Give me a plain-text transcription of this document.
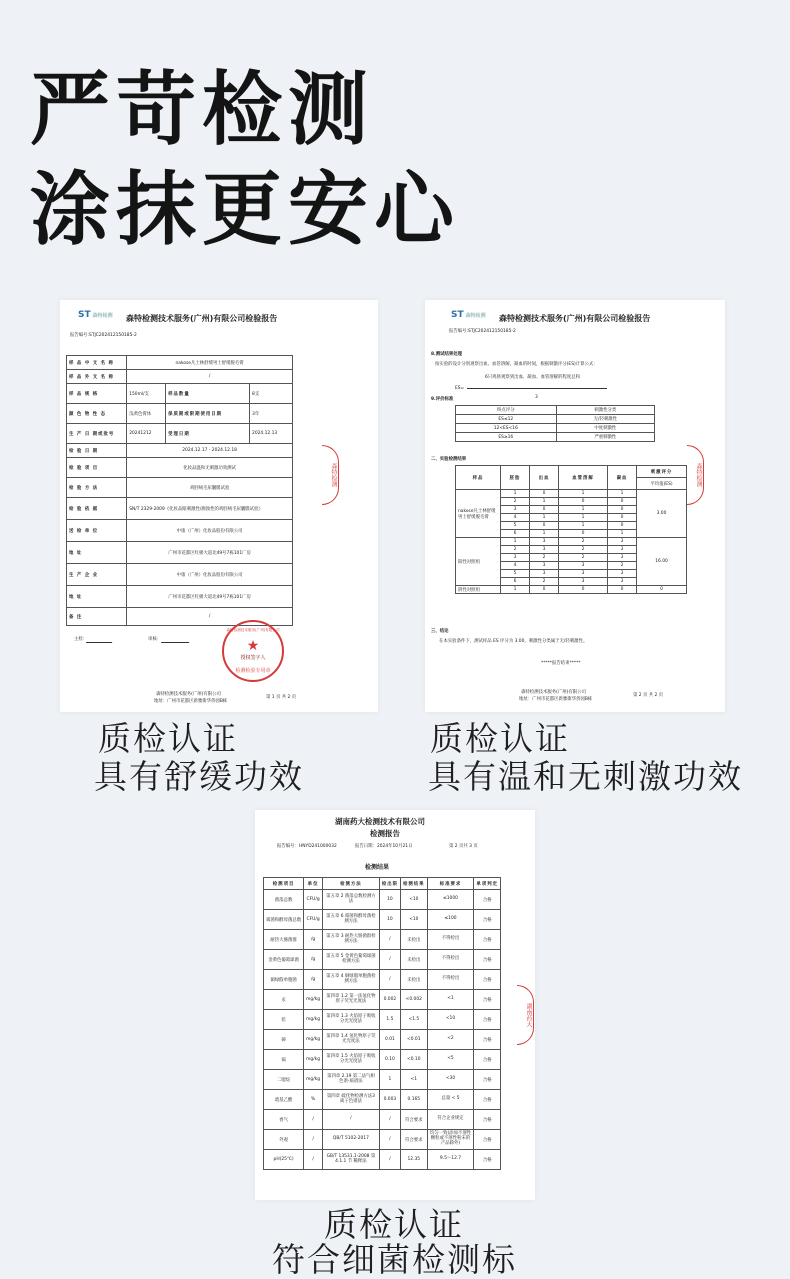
严苛检测
涂抹更安心
ST 森特检测 森特检测技术服务(广州)有限公司检验报告
报告编号:STJC202412150185-2
样 品 中 文 名 称	nakose凡士林舒缓男士舒缓脱毛膏		
样 品 外 文 名 称	/		
样 品 规 格	150ml/支	样品数量	8支
颜 色 物 性 态	浅黄色膏体	保质期或限期使用日期	3年
生 产 日 期或批号	20241212	受理日期	2024.12.13
检 验 日 期	2024.12.17 - 2024.12.18		
检 验 项 目	化妆品温和无刺激功效测试		
检 验 方 法	鸡胚绒毛尿囊膜试验		
检 验 依 据	SN/T 2329-2009《化妆品眼刺激性/腐蚀性的鸡胚绒毛尿囊膜试验》		
送 检 单 位	中康（广州）化妆品股份有限公司		
地 址	广州市花都区红棉大道北49号7栋101厂房		
生 产 企 业	中康（广州）化妆品股份有限公司		
地 址	广州市花都区红棉大道北49号7栋101厂房		
备 注	/		
主检：	审核：
森特检测技术服务(广州)有限公司
★
授权签字人
检测检验专用章
森特检测
森特检测技术服务(广州)有限公司
地址：广州市花都区新雅街华侨园B栋
第 1 页 共 2 页
ST 森特检测 森特检测技术服务(广州)有限公司检验报告
报告编号:STJC202412150185-2
8.测试结果处理
按实验的设计分别观察出血、血管溶解、凝血的时间，根据刺激评分(ES)计算公式：
6只鸡胚观察到出血、凝血、血管溶解的程度总和
ES=
9.评价标准	3
终点评分	刺激性分类
ES≤12	无/轻刺激性
12<ES<16	中度刺激性
ES≥16	严重刺激性
二、实验检测结果
样品	胚胎	出血	血管溶解	凝血	刺激评分
					平均值(ES)
nakose凡士林舒缓男士舒缓脱毛膏	1	0	1	1	3.00
	2	1	0	0	
	3	0	1	0	
	4	1	1	0	
	5	0	1	0	
	6	1	0	1	
阳性对照组	1	3	2	3	16.00
	2	3	2	3	
	3	2	2	3	
	4	3	3	2	
	5	3	3	3	
	6	2	3	3	
阴性对照组	1	0	0	0	0
三、结论
在本实验条件下，测试样品 ES 评分为 3.00，刺激性分类属于无/轻刺激性。
*****报告结束*****
森特检测
森特检测技术服务(广州)有限公司
地址：广州市花都区新雅街华侨园B栋
第 2 页 共 2 页
湖南药大检测技术有限公司
检测报告
报告编号：HNYD241000032	报告日期：2024年10月21日	第 2 页共 3 页
检测结果
检测项目	单位	检测方法	检出限	检测结果	标准要求	单项判定
菌落总数	CFU/g	第五章 2 菌落总数检测方法	10	<10	≤1000	合格
霉菌和酵母菌总数	CFU/g	第五章 6 霉菌和酵母菌检测方法	10	<10	≤100	合格
耐热大肠菌群	/g	第五章 3 耐热大肠菌群检测方法	/	未检出	不得检出	合格
金黄色葡萄球菌	/g	第五章 5 金黄色葡萄球菌检测方法	/	未检出	不得检出	合格
铜绿假单胞菌	/g	第五章 4 铜绿假单胞菌检测方法	/	未检出	不得检出	合格
汞	mg/kg	第四章 1.2 第一法氢化物原子荧光光度法	0.002	<0.002	<1	合格
铅	mg/kg	第四章 1.3 火焰原子吸收分光光度法	1.5	<1.5	<10	合格
砷	mg/kg	第四章 1.4 氢化物原子荧光光度法	0.01	<0.01	<2	合格
镉	mg/kg	第四章 1.5 火焰原子吸收分光光度法	0.10	<0.10	<5	合格
二噁烷	mg/kg	第四章 2.19 第二法气相色谱-质谱法	1	<1	<30	合格
巯基乙酸	%	第四章 硫化物检测方法3 离子色谱法	0.003	0.165	总量 < 5	合格
香气	/	/	/	符合要求	符合企业规定	合格
外观	/	QB/T 5102-2017	/	符合要求	均匀一致(添加不溶性颗粒或不溶性粉末的产品除外)	合格
pH(25℃)	/	GB/T 13531.1-2008 第 4.1.1 节 稀释法	/	12.35	9.5～12.7	合格
湖南药大
质检认证
具有舒缓功效
质检认证
具有温和无刺激功效
质检认证
符合细菌检测标
